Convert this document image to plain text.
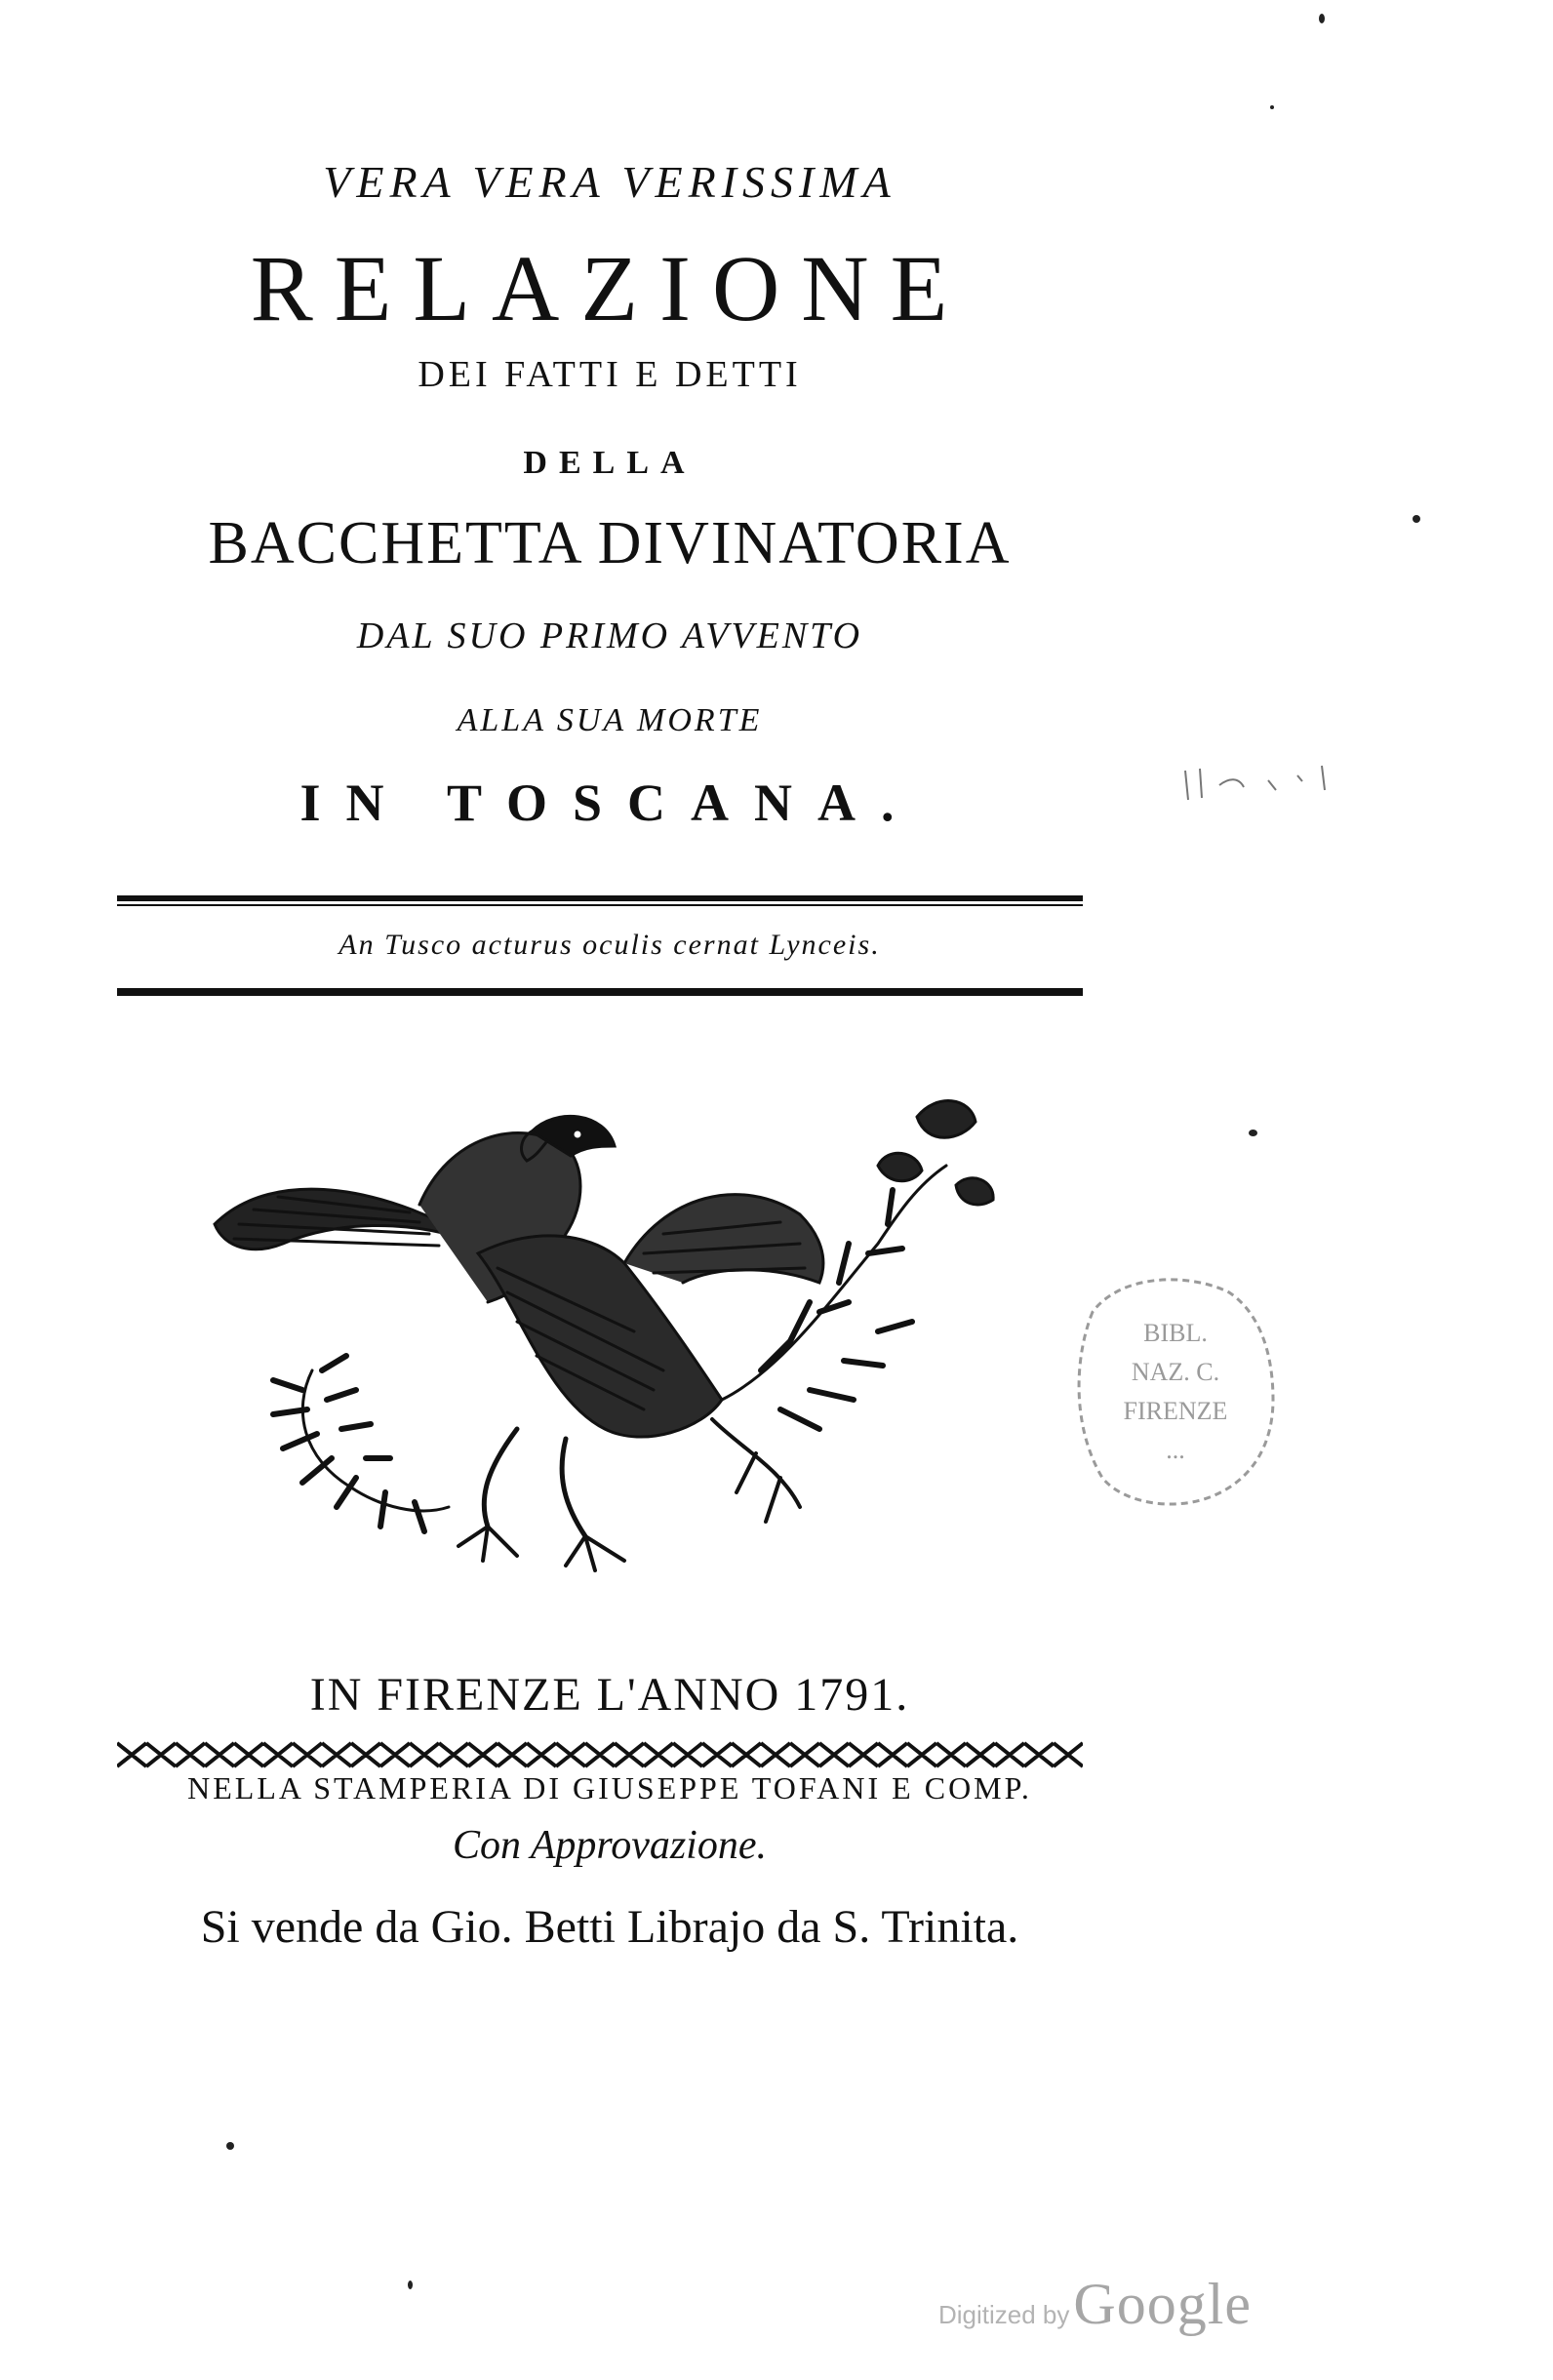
VERA VERA VERISSIMA
RELAZIONE
DEI FATTI E DETTI
DELLA
BACCHETTA DIVINATORIA
DAL SUO PRIMO AVVENTO
ALLA SUA MORTE
IN TOSCANA.
An Tusco acturus oculis cernat Lynceis.
IN FIRENZE L'ANNO 1791.
NELLA STAMPERIA DI GIUSEPPE TOFANI E COMP.
Con Approvazione.
Si vende da Gio. Betti Librajo da S. Trinita.
BIBL.
NAZ. C.
FIRENZE
...
Digitized by Google
